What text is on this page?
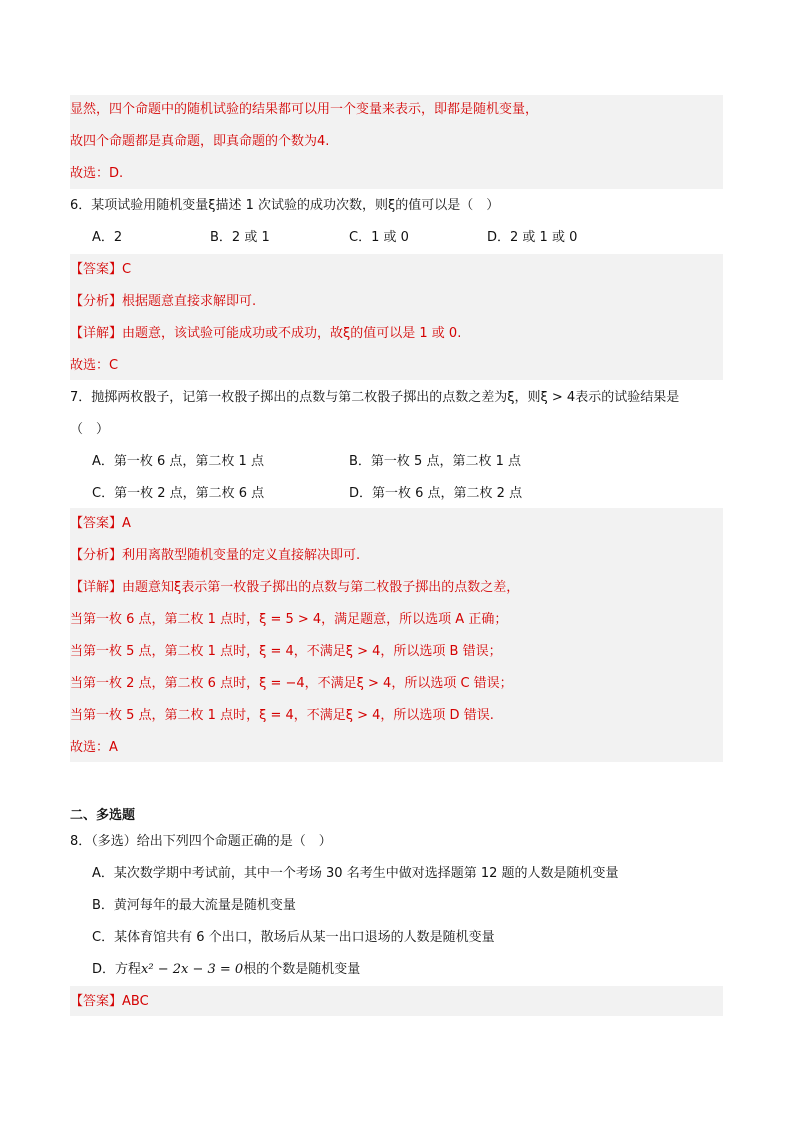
显然，四个命题中的随机试验的结果都可以用一个变量来表示，即都是随机变量，
故四个命题都是真命题，即真命题的个数为4.
故选：D.
6．某项试验用随机变量ξ描述 1 次试验的成功次数，则ξ的值可以是（　）
A．2	B．2 或 1	C．1 或 0	D．2 或 1 或 0
【答案】C
【分析】根据题意直接求解即可.
【详解】由题意，该试验可能成功或不成功，故ξ的值可以是 1 或 0.
故选：C
7．抛掷两枚骰子，记第一枚骰子掷出的点数与第二枚骰子掷出的点数之差为ξ，则ξ > 4表示的试验结果是
（　）
A．第一枚 6 点，第二枚 1 点	B．第一枚 5 点，第二枚 1 点
C．第一枚 2 点，第二枚 6 点	D．第一枚 6 点，第二枚 2 点
【答案】A
【分析】利用离散型随机变量的定义直接解决即可.
【详解】由题意知ξ表示第一枚骰子掷出的点数与第二枚骰子掷出的点数之差，
当第一枚 6 点，第二枚 1 点时，ξ = 5 > 4，满足题意，所以选项 A 正确；
当第一枚 5 点，第二枚 1 点时，ξ = 4，不满足ξ > 4，所以选项 B 错误；
当第一枚 2 点，第二枚 6 点时，ξ = −4，不满足ξ > 4，所以选项 C 错误；
当第一枚 5 点，第二枚 1 点时，ξ = 4，不满足ξ > 4，所以选项 D 错误.
故选：A
二、多选题
8．（多选）给出下列四个命题正确的是（　）
A．某次数学期中考试前，其中一个考场 30 名考生中做对选择题第 12 题的人数是随机变量
B．黄河每年的最大流量是随机变量
C．某体育馆共有 6 个出口，散场后从某一出口退场的人数是随机变量
D．方程x² − 2x − 3 = 0根的个数是随机变量
【答案】ABC
